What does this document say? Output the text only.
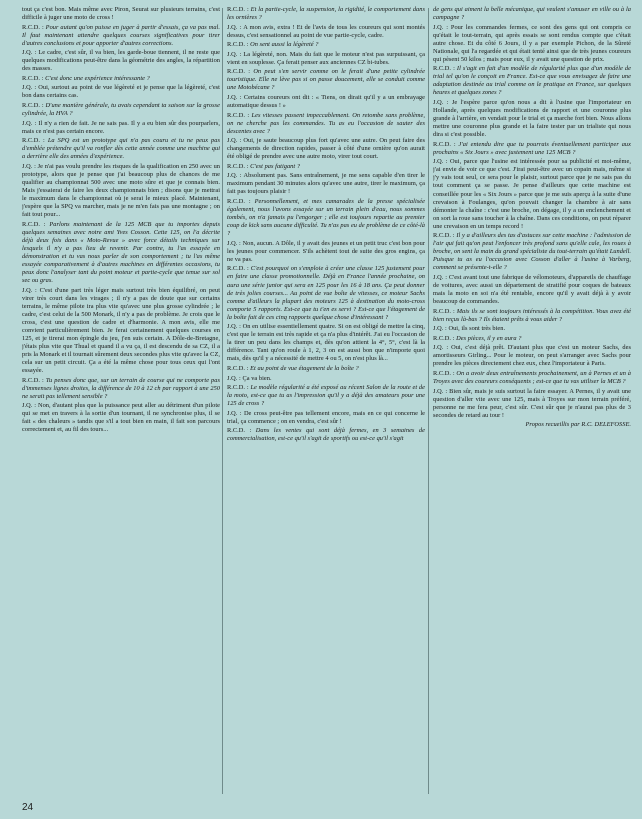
tout ça c'est bon. Mais même avec Piron, Seurat sur plusieurs terrains, c'est difficile à juger une moto de cross !

R.C.D. : Pour autant qu'on puisse en juger à partir d'essais, ça va pas mal. Il faut maintenant attendre quelques courses significatives pour tirer d'autres conclusions et pour apporter d'autres corrections.

J.Q. : Le cadre, c'est sûr, il va bien, les garde-boue tiennent, il ne reste que quelques modifications peut-être dans la géométrie des angles, la répartition des masses.

R.C.D. : C'est donc une expérience intéressante ?

J.Q. : Oui, surtout au point de vue légèreté et je pense que la légèreté, c'est bon dans certains cas.

R.C.D. : D'une manière générale, tu avais cependant ta saison sur la grosse cylindrée, la HVA ?

J.Q. : Il n'y a rien de fait. Je ne sais pas. Il y a eu bien sûr des pourparlers, mais ce n'est pas certain encore.

R.C.D. : La SPQ est un prototype qui n'a pas couru et tu ne peux pas d'emblée prétendre qu'il va ronfler dès cette année comme une machine qui a derrière elle des années d'expérience.

J.Q. : Je n'ai pas voulu prendre les risques de la qualification en 250 avec un prototype, alors que je pense que j'ai beaucoup plus de chances de me qualifier au championnat 500 avec une moto sûre et que je connais bien. Mais j'essaierai de faire les deux championnats bien ; disons que je mettrai le maximum dans le championnat où je serai le mieux placé. Maintenant, j'espère que la SPQ va marcher, mais je ne m'en fais pas une montagne ; on fait tout pour...

R.C.D. : Parlons maintenant de la 125 MCB que tu importes depuis quelques semaines avec notre ami Yves Cosson. Cette 125, on l'a décrite déjà deux fois dans « Moto-Revue » avec force détails techniques sur lesquels il n'y a pas lieu de revenir. Par contre, tu l'as essayée en démonstration et tu vas nous parler de son comportement ; tu l'as même essayée comparativement à d'autres machines en différentes occasions, tu peux donc l'analyser tant du point moteur et partie-cycle que tenue sur sol sec ou gras.

J.Q. : C'est d'une part très léger mais surtout très bien équilibré, on peut virer très court dans les virages ; il n'y a pas de doute que sur certains terrains, le même pilote ira plus vite qu'avec une plus grosse cylindrée ; le cadre, c'est celui de la 500 Monark, il n'y a pas de problème. Je crois que le cross, c'est une question de cadre et d'harmonie. A mon avis, elle me convient particulièrement bien. Je ferai certainement quelques courses en 125, et je tirerai mon épingle du jeu, j'en suis certain. A Dôle-de-Bretagne, j'étais plus vite que Thual et quand il a vu ça, il est descendu de sa CZ, il a pris la Monark et il tournait sûrement deux secondes plus vite qu'avec la CZ, cela sur un petit circuit. Ça a été la même chose pour tous ceux qui l'ont essayée.

R.C.D. : Tu penses donc que, sur un terrain de course qui ne comporte pas d'immenses lignes droites, la différence de 10 à 12 ch par rapport à une 250 ne serait pas tellement sensible ?

J.Q. : Non, d'autant plus que la puissance peut aller au détriment d'un pilote qui se met en travers à la sortie d'un tournant, il ne synchronise plus, il se fait « des chaleurs » tandis que s'il a tout bien en main, il fait son parcours correctement et, au fil des tours...

R.C.D. : Et la partie-cycle, la suspension, la rigidité, le comportement dans les ornières ?

J.Q. : A mon avis, extra ! Et de l'avis de tous les coureurs qui sont montés dessus, c'est sensationnel au point de vue partie-cycle, cadre.

R.C.D. : On sent aussi la légèreté ?

J.Q. : La légèreté, non. Mais du fait que le moteur n'est pas surpuissant, ça vient en souplesse. Ça ferait penser aux anciennes CZ bi-tubes.

R.C.D. : On peut s'en servir comme on le ferait d'une petite cylindrée touristique. Elle ne lève pas si on passe doucement, elle se conduit comme une Motobécane ?

J.Q. : Certains coureurs ont dit : « Tiens, on dirait qu'il y a un embrayage automatique dessus ! »

R.C.D. : Les vitesses passent impeccablement. On retombe sans problème, on ne cherche pas les commandes. Tu as eu l'occasion de sauter des descentes avec ?

J.Q. : Oui, je saute beaucoup plus fort qu'avec une autre. On peut faire des changements de direction rapides, passer à côté d'une ornière qu'on aurait été obligé de prendre avec une autre moto, virer tout court.

R.C.D. : C'est pas fatigant ?

J.Q. : Absolument pas. Sans entraînement, je me sens capable d'en tirer le maximum pendant 30 minutes alors qu'avec une autre, tirer le maximum, ça fait pas toujours plaisir !

R.C.D. : Personnellement, et mes camarades de la presse spécialisée également, nous l'avons essayée sur un terrain plein d'eau, nous sommes tombés, on n'a jamais pu l'engorger ; elle est toujours repartie au premier coup de kick sans aucune difficulté. Tu n'as pas eu de problème de ce côté-là ?

J.Q. : Non, aucun. A Dôle, il y avait des jeunes et un petit truc c'est bon pour les jeunes pour commencer. S'ils achètent tout de suite des gros engins, ça ne va pas.

R.C.D. : C'est pourquoi on s'emploie à créer une classe 125 justement pour en faire une classe promotionnelle. Déjà en France l'année prochaine, on aura une série junior qui sera en 125 pour les 16 à 18 ans. Ça peut donner de très jolies courses... Au point de vue boîte de vitesses, ce moteur Sachs comme d'ailleurs la plupart des moteurs 125 à destination du moto-cross comporte 5 rapports. Est-ce que tu t'en es servi ? Est-ce que l'étagement de la boîte fait de ces cinq rapports quelque chose d'intéressant ?

J.Q. : On en utilise essentiellement quatre. Si on est obligé de mettre la cinq, c'est que le terrain est très rapide et ça n'a plus d'intérêt. J'ai eu l'occasion de la tirer un peu dans les champs et, dès qu'on attient la 4°, 5°, c'est là la différence. Tant qu'on roule à 1, 2, 3 on est aussi bon que n'importe quoi mais, dès qu'il y a nécessité de mettre 4 ou 5, on n'est plus là...

R.C.D. : Et au point de vue étagement de la boîte ?

J.Q. : Ça va bien.

R.C.D. : Le modèle régularité a été exposé au récent Salon de la route et de la moto, est-ce que tu as l'impression qu'il y a déjà des amateurs pour une 125 de cross ?

J.Q. : De cross peut-être pas tellement encore, mais en ce qui concerne le trial, ça commence ; on en vendra, c'est sûr !

R.C.D. : Dans les ventes qui sont déjà fermes, en 3 semaines de commercialisation, est-ce qu'il s'agit de sportifs ou est-ce qu'il s'agit

de gens qui aiment la belle mécanique, qui veulent s'amuser en ville ou à la campagne ?

J.Q. : Pour les commandes fermes, ce sont des gens qui ont compris ce qu'était le tout-terrain, qui après essais se sont rendus compte que c'était autre chose. Et du côté 6 Jours, il y a par exemple Pichon, de la Sûreté Nationale, qui l'a regardée et qui était tenté ainsi que de très jeunes coureurs qui pèsent 50 kilos ; mais pour eux, il y avait une question de prix.

R.C.D. : Il s'agit en fait d'un modèle de régularité plus que d'un modèle de trial tel qu'on le conçoit en France. Est-ce que vous envisagez de faire une adaptation destinée au trial comme on le pratique en France, sur quelques heures et quelques zones ?

J.Q. : Je l'espère parce qu'on nous a dit à l'usine que l'importateur en Hollande, après quelques modifications de rapport et une couronne plus grande à l'arrière, en vendait pour le trial et ça marche fort bien. Nous allons mettre une couronne plus grande et la faire tester par un trialiste qui nous dira si c'est possible.

R.C.D. : J'ai entendu dire que tu pourrais éventuellement participer aux prochains « Six Jours » avec justement une 125 MCB ?

J.Q. : Oui, parce que l'usine est intéressée pour sa publicité et moi-même, j'ai envie de voir ce que c'est. J'irai peut-être avec un copain mais, même si j'y vais tout seul, ce sera pour le plaisir, surtout parce que je ne sais pas du tout comment ça se passe. Je pense d'ailleurs que cette machine est conseillée pour les « Six Jours » parce que je me suis aperçu à la suite d'une crevaison à Foulanges, qu'on pouvait changer la chambre à air sans démonter la chaîne : c'est une broche, on dégage, il y a un enclenchement et on sort la roue sans toucher à la chaîne. Dans ces conditions, on peut réparer une crevaison en un temps record !

R.C.D. : Il y a d'ailleurs des tas d'astuces sur cette machine : l'admission de l'air qui fait qu'on peut l'enfoncer très profond sans qu'elle cale, les roues à broche, on sent la main du grand spécialiste du tout-terrain qu'était Lundell. Puisque tu as eu l'occasion avec Cosson d'aller à l'usine à Varberg, comment se présente-t-elle ?

J.Q. : C'est avant tout une fabrique de vélomoteurs, d'appareils de chauffage de voitures, avec aussi un département de stratifié pour coques de bateaux mais la moto en soi n'a été rentable, encore qu'il y avait déjà à y avoir beaucoup de commandes.

R.C.D. : Mais ils se sont toujours intéressés à la compétition. Vous avez été bien reçus là-bas ? Ils étaient prêts à vous aider ?

J.Q. : Oui, ils sont très bien.

R.C.D. : Des pièces, il y en aura ?

J.Q. : Oui, c'est déjà prêt. D'autant plus que c'est un moteur Sachs, des amortisseurs Girling... Pour le moteur, on peut s'arranger avec Sachs pour prendre les pièces directement chez eux, chez l'importateur à Paris.

R.C.D. : On a avoir deux entraînements prochainement, un à Pernes et un à Troyes avec des coureurs conséquents ; est-ce que tu vas utiliser la MCB ?

J.Q. : Bien sûr, mais je suis surtout la faire essayer. A Pernes, il y avait une question d'aller vite avec une 125, mais à Troyes sur mon terrain préféré, personne ne me fera peur, c'est sûr. C'est sûr que je n'aurai pas plus de 3 secondes de retard au tour !

Propos recueillis par R.C. DELEFOSSE.
24
